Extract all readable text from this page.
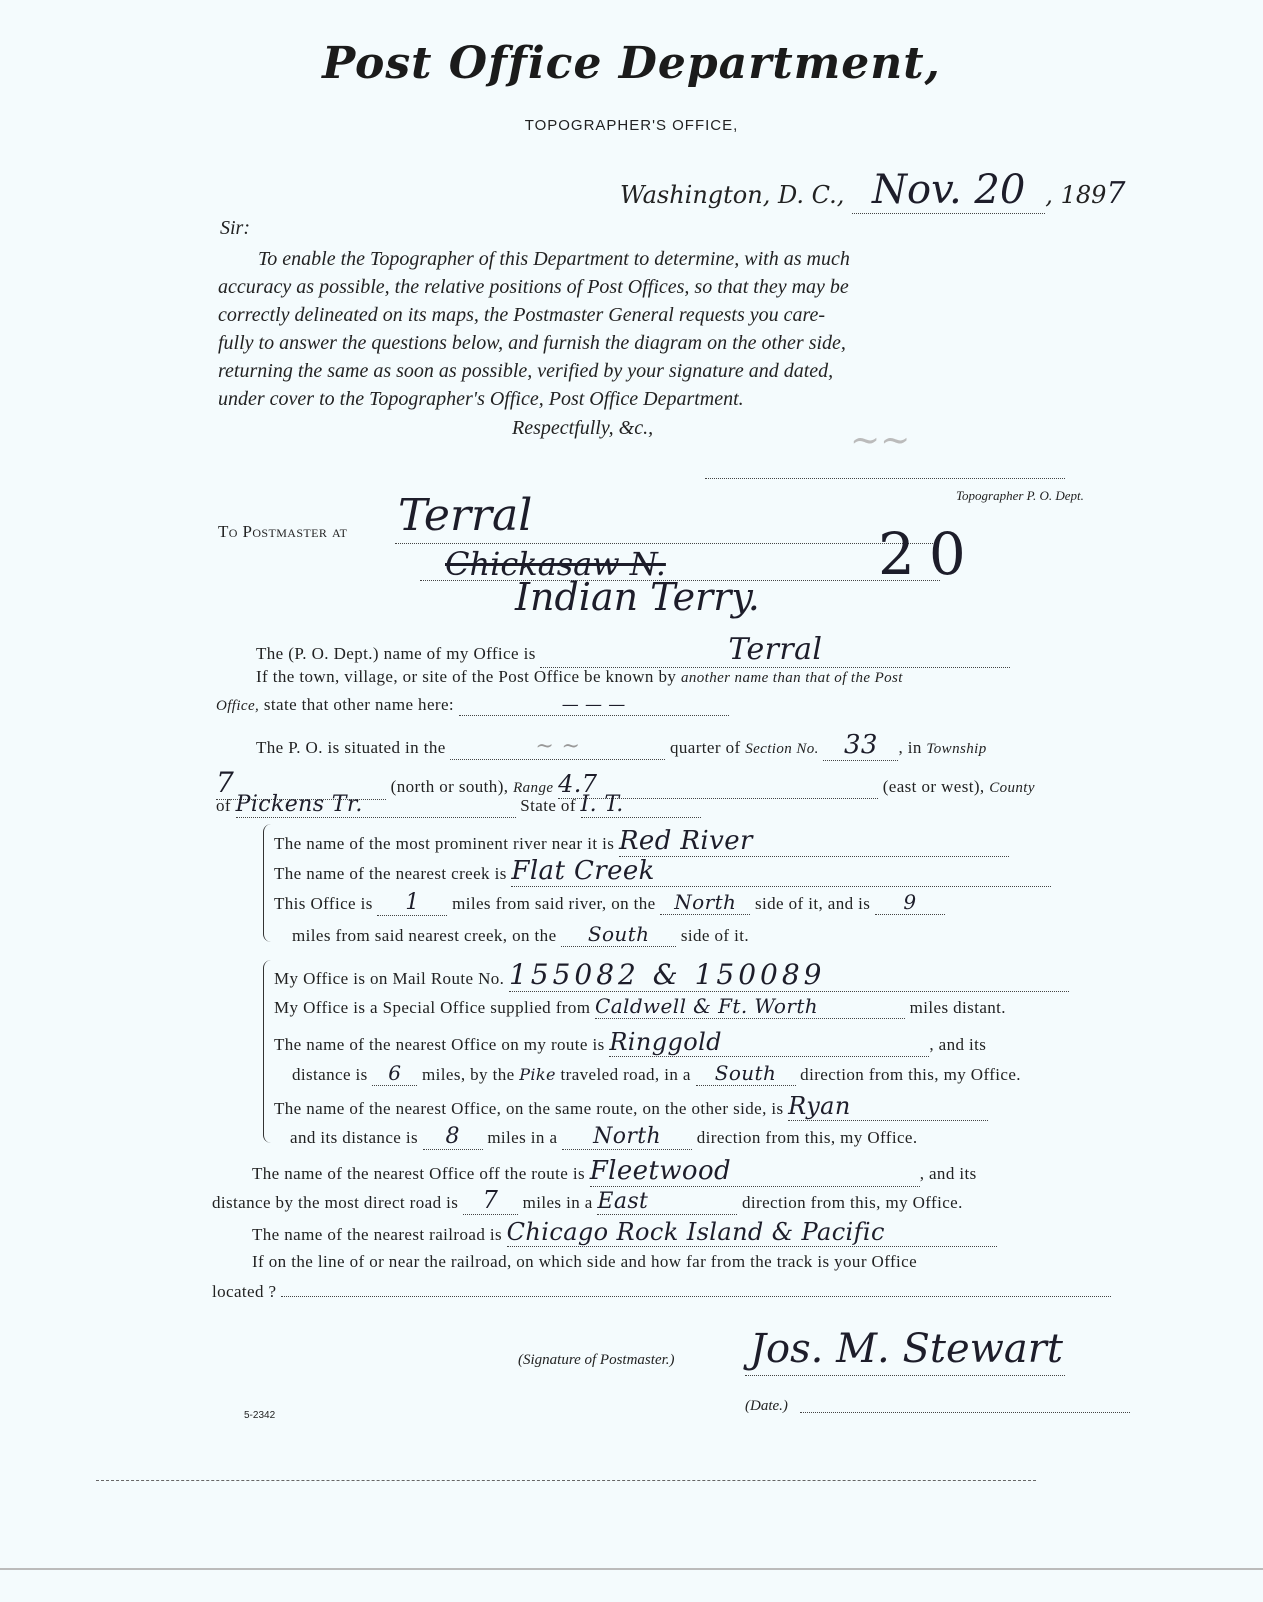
Post Office Department,
TOPOGRAPHER'S OFFICE,
Washington, D. C., Nov. 20 , 1897
Sir:
To enable the Topographer of this Department to determine, with as much
accuracy as possible, the relative positions of Post Offices, so that they may be
correctly delineated on its maps, the Postmaster General requests you care-
fully to answer the questions below, and furnish the diagram on the other side,
returning the same as soon as possible, verified by your signature and dated,
under cover to the Topographer's Office, Post Office Department.
Respectfully, &c.,	~~
Topographer P. O. Dept.
To Postmaster at Terral
Chickasaw N.
Indian Terry.
20
The (P. O. Dept.) name of my Office is	Terral
If the town, village, or site of the Post Office be known by another name than that of the Post
Office, state that other name here:	— — —
The P. O. is situated in the	~ ~	quarter of Section No. 33 , in Township
7	(north or south), Range 4.7	(east or west), County
of Pickens Tr.	State of I. T.
The name of the most prominent river near it is Red River
The name of the nearest creek is Flat Creek
This Office is 1 miles from said river, on the North side of it, and is 9
miles from said nearest creek, on the South side of it.
My Office is on Mail Route No. 155082 & 150089
My Office is a Special Office supplied from Caldwell & Ft. Worth	miles distant.
The name of the nearest Office on my route is Ringgold	, and its
distance is 6 miles, by the Pike traveled road, in a South direction from this, my Office.
The name of the nearest Office, on the same route, on the other side, is Ryan
and its distance is 8 miles in a North direction from this, my Office.
The name of the nearest Office off the route is Fleetwood	, and its
distance by the most direct road is 7 miles in a East	direction from this, my Office.
The name of the nearest railroad is Chicago Rock Island & Pacific
If on the line of or near the railroad, on which side and how far from the track is your Office
located ?
(Signature of Postmaster.) Jos. M. Stewart
(Date.)
5-2342
